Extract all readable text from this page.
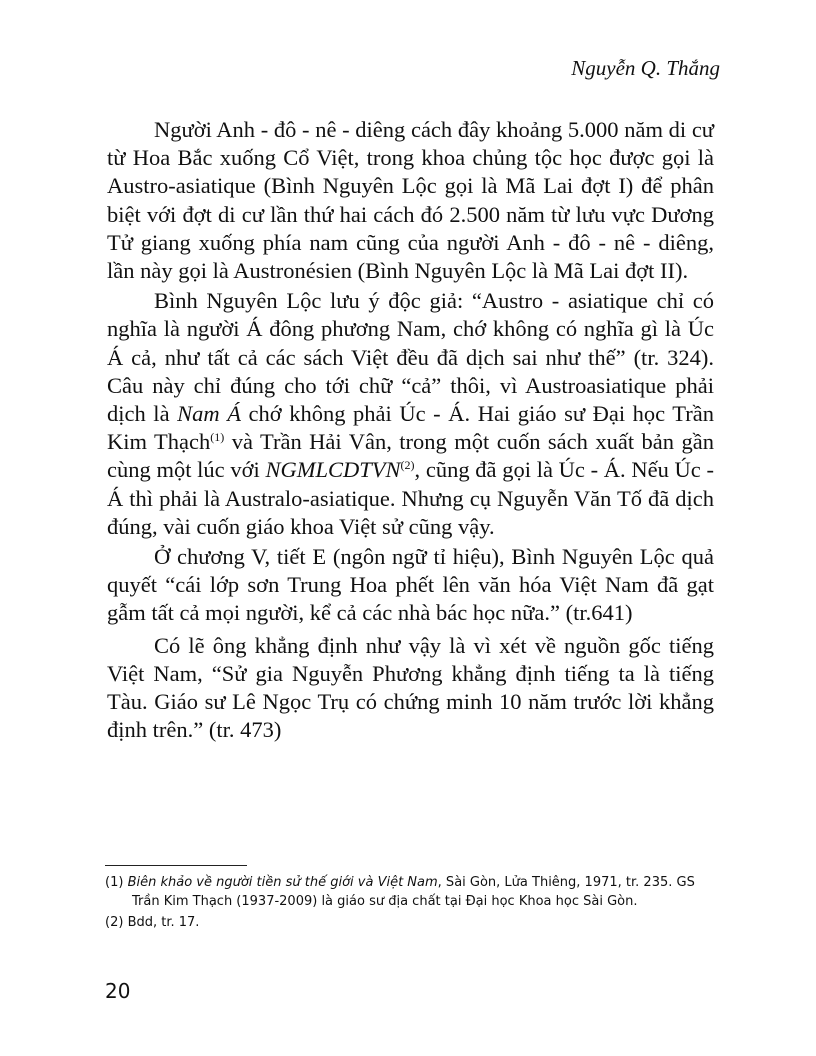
Nguyễn Q. Thắng

Người Anh - đô - nê - diêng cách đây khoảng 5.000 năm di cư từ Hoa Bắc xuống Cổ Việt, trong khoa chủng tộc học được gọi là Austro-asiatique (Bình Nguyên Lộc gọi là Mã Lai đợt I) để phân biệt với đợt di cư lần thứ hai cách đó 2.500 năm từ lưu vực Dương Tử giang xuống phía nam cũng của người Anh - đô - nê - diêng, lần này gọi là Austronésien (Bình Nguyên Lộc là Mã Lai đợt II).

Bình Nguyên Lộc lưu ý độc giả: “Austro - asiatique chỉ có nghĩa là người Á đông phương Nam, chớ không có nghĩa gì là Úc Á cả, như tất cả các sách Việt đều đã dịch sai như thế” (tr. 324). Câu này chỉ đúng cho tới chữ “cả” thôi, vì Austroasiatique phải dịch là Nam Á chớ không phải Úc - Á. Hai giáo sư Đại học Trần Kim Thạch$^{(1)}$ và Trần Hải Vân, trong một cuốn sách xuất bản gần cùng một lúc với NGMLCDTVN$^{(2)}$, cũng đã gọi là Úc - Á. Nếu Úc - Á thì phải là Australo-asiatique. Nhưng cụ Nguyễn Văn Tố đã dịch đúng, vài cuốn giáo khoa Việt sử cũng vậy.

Ở chương V, tiết E (ngôn ngữ tỉ hiệu), Bình Nguyên Lộc quả quyết “cái lớp sơn Trung Hoa phết lên văn hóa Việt Nam đã gạt gẫm tất cả mọi người, kể cả các nhà bác học nữa.” (tr.641)

Có lẽ ông khẳng định như vậy là vì xét về nguồn gốc tiếng Việt Nam, “Sử gia Nguyễn Phương khẳng định tiếng ta là tiếng Tàu. Giáo sư Lê Ngọc Trụ có chứng minh 10 năm trước lời khẳng định trên.” (tr. 473)

(1) Biên khảo về người tiền sử thế giới và Việt Nam, Sài Gòn, Lửa Thiêng, 1971, tr. 235. GS Trần Kim Thạch (1937-2009) là giáo sư địa chất tại Đại học Khoa học Sài Gòn.

(2) Bdd, tr. 17.

20
